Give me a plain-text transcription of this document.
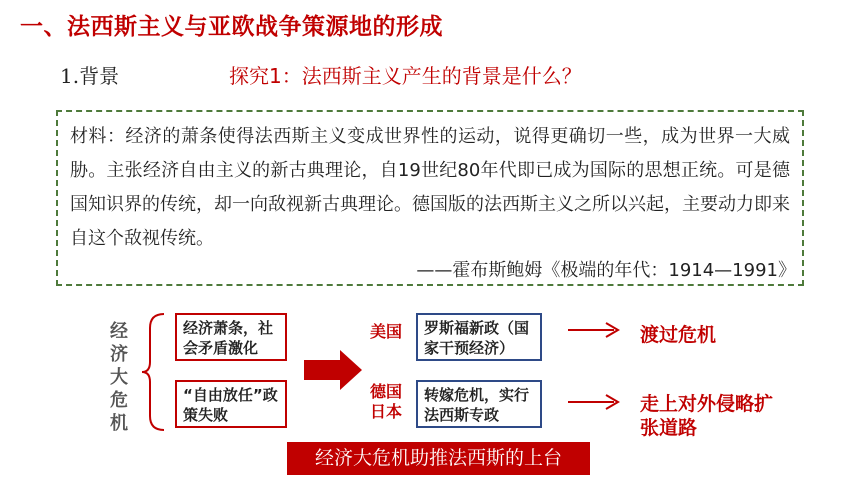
一、法西斯主义与亚欧战争策源地的形成
1.背景	探究1：法西斯主义产生的背景是什么？
材料：经济的萧条使得法西斯主义变成世界性的运动，说得更确切一些，成为世界一大威胁。主张经济自由主义的新古典理论，自19世纪80年代即已成为国际的思想正统。可是德国知识界的传统，却一向敌视新古典理论。德国版的法西斯主义之所以兴起，主要动力即来自这个敌视传统。
——霍布斯鲍姆《极端的年代：1914—1991》
经济大危机
经济萧条，社会矛盾激化
“自由放任”政策失败
美国
德国日本
罗斯福新政（国家干预经济）
转嫁危机，实行法西斯专政
渡过危机
走上对外侵略扩张道路
经济大危机助推法西斯的上台
